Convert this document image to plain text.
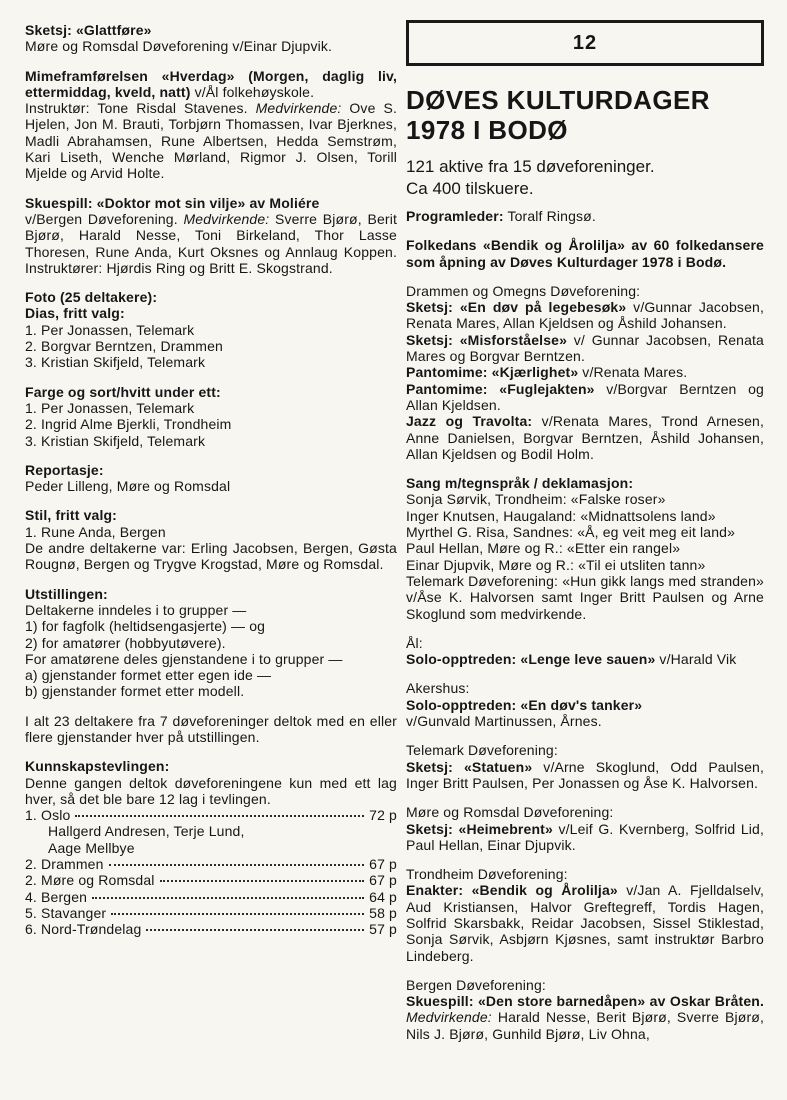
Sketsj: «Glattføre»

Møre og Romsdal Døveforening v/Einar Djupvik.

Mimeframførelsen «Hverdag» (Morgen, daglig liv, ettermiddag, kveld, natt) v/Ål folkehøyskole.

Instruktør: Tone Risdal Stavenes. Medvirkende: Ove S. Hjelen, Jon M. Brauti, Torbjørn Thomassen, Ivar Bjerknes, Madli Abrahamsen, Rune Albertsen, Hedda Semstrøm, Kari Liseth, Wenche Mørland, Rigmor J. Olsen, Torill Mjelde og Arvid Holte.

Skuespill: «Doktor mot sin vilje» av Moliére

v/Bergen Døveforening. Medvirkende: Sverre Bjørø, Berit Bjørø, Harald Nesse, Toni Birkeland, Thor Lasse Thoresen, Rune Anda, Kurt Oksnes og Annlaug Koppen. Instruktører: Hjørdis Ring og Britt E. Skogstrand.

Foto (25 deltakere):

Dias, fritt valg:

1. Per Jonassen, Telemark

2. Borgvar Berntzen, Drammen

3. Kristian Skifjeld, Telemark

Farge og sort/hvitt under ett:

1. Per Jonassen, Telemark

2. Ingrid Alme Bjerkli, Trondheim

3. Kristian Skifjeld, Telemark

Reportasje:

Peder Lilleng, Møre og Romsdal

Stil, fritt valg:

1. Rune Anda, Bergen

De andre deltakerne var: Erling Jacobsen, Bergen, Gøsta Rougnø, Bergen og Trygve Krogstad, Møre og Romsdal.

Utstillingen:

Deltakerne inndeles i to grupper —

1) for fagfolk (heltidsengasjerte) — og

2) for amatører (hobbyutøvere).

For amatørene deles gjenstandene i to grupper —

a) gjenstander formet etter egen ide —

b) gjenstander formet etter modell.

I alt 23 deltakere fra 7 døveforeninger deltok med en eller flere gjenstander hver på utstillingen.

Kunnskapstevlingen:

Denne gangen deltok døveforeningene kun med ett lag hver, så det ble bare 12 lag i tevlingen.

1. Oslo	72 p

Hallgerd Andresen, Terje Lund,

Aage Mellbye

2. Drammen	67 p
2. Møre og Romsdal	67 p
4. Bergen	64 p
5. Stavanger	58 p
6. Nord-Trøndelag	57 p
12
DØVES KULTURDAGER
1978 I BODØ
121 aktive fra 15 døveforeninger.
Ca 400 tilskuere.

Programleder: Toralf Ringsø.

Folkedans «Bendik og Årolilja» av 60 folkedansere som åpning av Døves Kulturdager 1978 i Bodø.

Drammen og Omegns Døveforening:

Sketsj: «En døv på legebesøk» v/Gunnar Jacobsen, Renata Mares, Allan Kjeldsen og Åshild Johansen.

Sketsj: «Misforståelse» v/ Gunnar Jacobsen, Renata Mares og Borgvar Berntzen.

Pantomime: «Kjærlighet» v/Renata Mares.

Pantomime: «Fuglejakten» v/Borgvar Berntzen og Allan Kjeldsen.

Jazz og Travolta: v/Renata Mares, Trond Arnesen, Anne Danielsen, Borgvar Berntzen, Åshild Johansen, Allan Kjeldsen og Bodil Holm.

Sang m/tegnspråk / deklamasjon:

Sonja Sørvik, Trondheim: «Falske roser»

Inger Knutsen, Haugaland: «Midnattsolens land»

Myrthel G. Risa, Sandnes: «Å, eg veit meg eit land»

Paul Hellan, Møre og R.: «Etter ein rangel»

Einar Djupvik, Møre og R.: «Til ei utsliten tann»

Telemark Døveforening: «Hun gikk langs med stranden» v/Åse K. Halvorsen samt Inger Britt Paulsen og Arne Skoglund som medvirkende.

Ål:

Solo-opptreden: «Lenge leve sauen» v/Harald Vik

Akershus:

Solo-opptreden: «En døv's tanker»

v/Gunvald Martinussen, Årnes.

Telemark Døveforening:

Sketsj: «Statuen» v/Arne Skoglund, Odd Paulsen, Inger Britt Paulsen, Per Jonassen og Åse K. Halvorsen.

Møre og Romsdal Døveforening:

Sketsj: «Heimebrent» v/Leif G. Kvernberg, Solfrid Lid, Paul Hellan, Einar Djupvik.

Trondheim Døveforening:

Enakter: «Bendik og Årolilja» v/Jan A. Fjelldalselv, Aud Kristiansen, Halvor Greftegreff, Tordis Hagen, Solfrid Skarsbakk, Reidar Jacobsen, Sissel Stiklestad, Sonja Sørvik, Asbjørn Kjøsnes, samt instruktør Barbro Lindeberg.

Bergen Døveforening:

Skuespill: «Den store barnedåpen» av Oskar Bråten. Medvirkende: Harald Nesse, Berit Bjørø, Sverre Bjørø, Nils J. Bjørø, Gunhild Bjørø, Liv Ohna,
